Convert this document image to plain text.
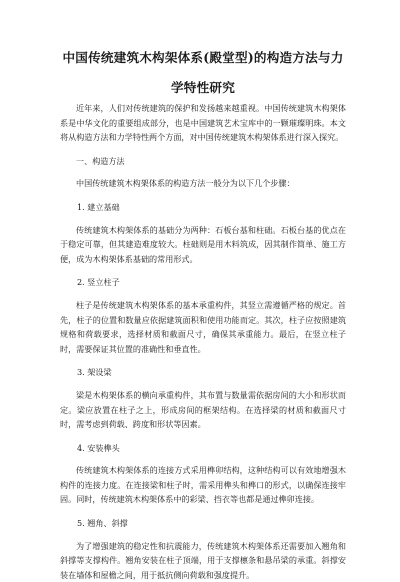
中国传统建筑木构架体系(殿堂型)的构造方法与力
学特性研究

近年来，人们对传统建筑的保护和发扬越来越重视。中国传统建筑木构架体系是中华文化的重要组成部分，也是中国建筑艺术宝库中的一颗璀璨明珠。本文将从构造方法和力学特性两个方面，对中国传统建筑木构架体系进行深入探究。

一、构造方法

中国传统建筑木构架体系的构造方法一般分为以下几个步骤：

1. 建立基础

传统建筑木构架体系的基础分为两种：石板台基和柱础。石板台基的优点在于稳定可靠，但其建造难度较大。柱础则是用木料筑成，因其制作简单、施工方便，成为木构架体系基础的常用形式。

2. 竖立柱子

柱子是传统建筑木构架体系的基本承重构件，其竖立需遵循严格的规定。首先，柱子的位置和数量应依据建筑面积和使用功能而定。其次，柱子应按照建筑规格和荷载要求，选择材质和截面尺寸，确保其承重能力。最后，在竖立柱子时，需要保证其位置的准确性和垂直性。

3. 架设梁

梁是木构架体系的横向承重构件，其布置与数量需依据房间的大小和形状而定。梁应放置在柱子之上，形成房间的框架结构。在选择梁的材质和截面尺寸时，需考虑到荷载、跨度和形状等因素。

4. 安装榫头

传统建筑木构架体系的连接方式采用榫卯结构，这种结构可以有效地增强木构件的连接力度。在连接梁和柱子时，需采用榫头和榫口的形式，以确保连接牢固。同时，传统建筑木构架体系中的彩梁、挡衣等也都是通过榫卯连接。

5. 翘角、斜撑

为了增强建筑的稳定性和抗震能力，传统建筑木构架体系还需要加入翘角和斜撑等支撑构件。翘角安装在柱子顶端，用于支撑檩条和悬吊梁的承重。斜撑安装在墙体和屋檐之间，用于抵抗侧向荷载和强度提升。
